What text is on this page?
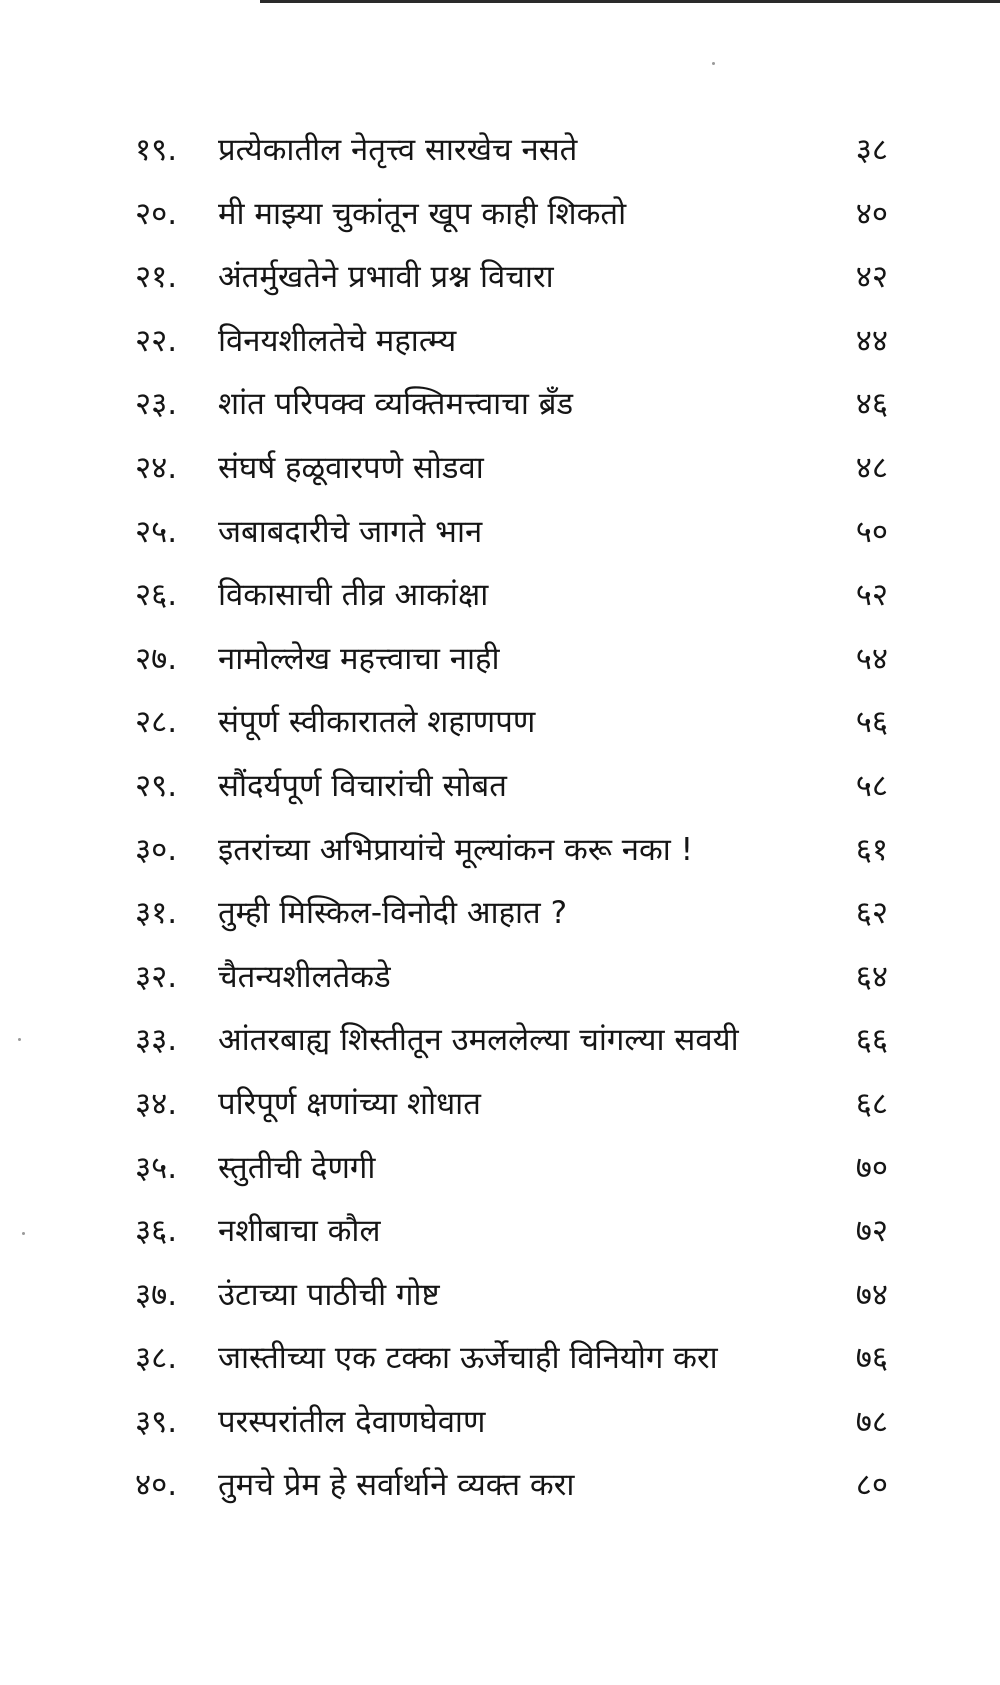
१९. प्रत्येकातील नेतृत्त्व सारखेच नसते	३८
२०. मी माझ्या चुकांतून खूप काही शिकतो	४०
२१. अंतर्मुखतेने प्रभावी प्रश्न विचारा	४२
२२. विनयशीलतेचे महात्म्य	४४
२३. शांत परिपक्व व्यक्तिमत्त्वाचा ब्रँड	४६
२४. संघर्ष हळूवारपणे सोडवा	४८
२५. जबाबदारीचे जागते भान	५०
२६. विकासाची तीव्र आकांक्षा	५२
२७. नामोल्लेख महत्त्वाचा नाही	५४
२८. संपूर्ण स्वीकारातले शहाणपण	५६
२९. सौंदर्यपूर्ण विचारांची सोबत	५८
३०. इतरांच्या अभिप्रायांचे मूल्यांकन करू नका !	६१
३१. तुम्ही मिस्किल-विनोदी आहात ?	६२
३२. चैतन्यशीलतेकडे	६४
३३. आंतरबाह्य शिस्तीतून उमललेल्या चांगल्या सवयी	६६
३४. परिपूर्ण क्षणांच्या शोधात	६८
३५. स्तुतीची देणगी	७०
३६. नशीबाचा कौल	७२
३७. उंटाच्या पाठीची गोष्ट	७४
३८. जास्तीच्या एक टक्का ऊर्जेचाही विनियोग करा	७६
३९. परस्परांतील देवाणघेवाण	७८
४०. तुमचे प्रेम हे सर्वार्थाने व्यक्त करा	८०
